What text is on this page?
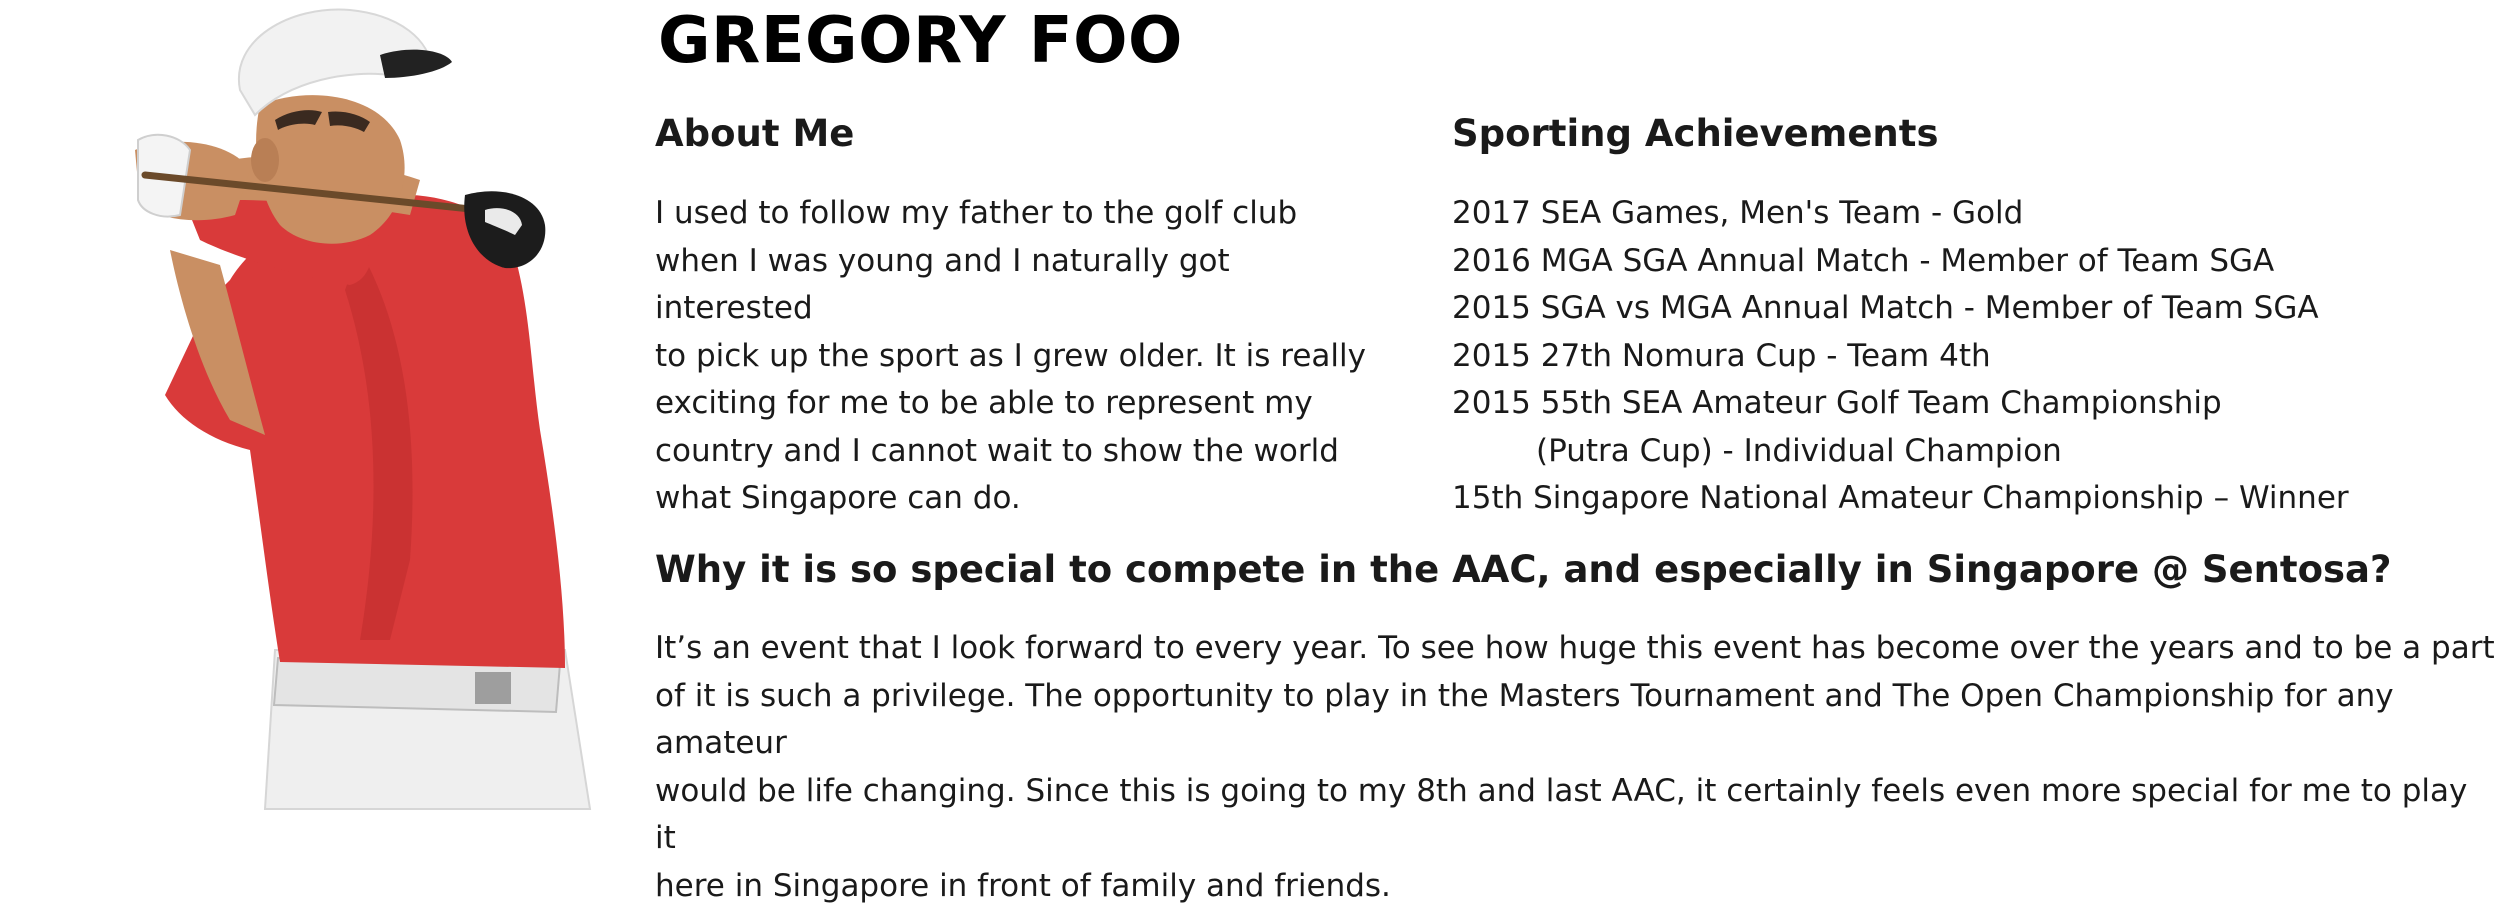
GREGORY FOO
About Me
I used to follow my father to the golf club
when I was young and I naturally got interested
to pick up the sport as I grew older. It is really
exciting for me to be able to represent my
country and I cannot wait to show the world
what Singapore can do.
Sporting Achievements
2017 SEA Games, Men's Team - Gold
2016 MGA SGA Annual Match - Member of Team SGA
2015 SGA vs MGA Annual Match - Member of Team SGA
2015 27th Nomura Cup - Team 4th
2015 55th SEA Amateur Golf Team Championship
(Putra Cup) - Individual Champion
15th Singapore National Amateur Championship – Winner
Why it is so special to compete in the AAC, and especially in Singapore @ Sentosa?
It’s an event that I look forward to every year. To see how huge this event has become over the years and to be a part
of it is such a privilege. The opportunity to play in the Masters Tournament and The Open Championship for any amateur
would be life changing. Since this is going to my 8th and last AAC, it certainly feels even more special for me to play it
here in Singapore in front of family and friends.
